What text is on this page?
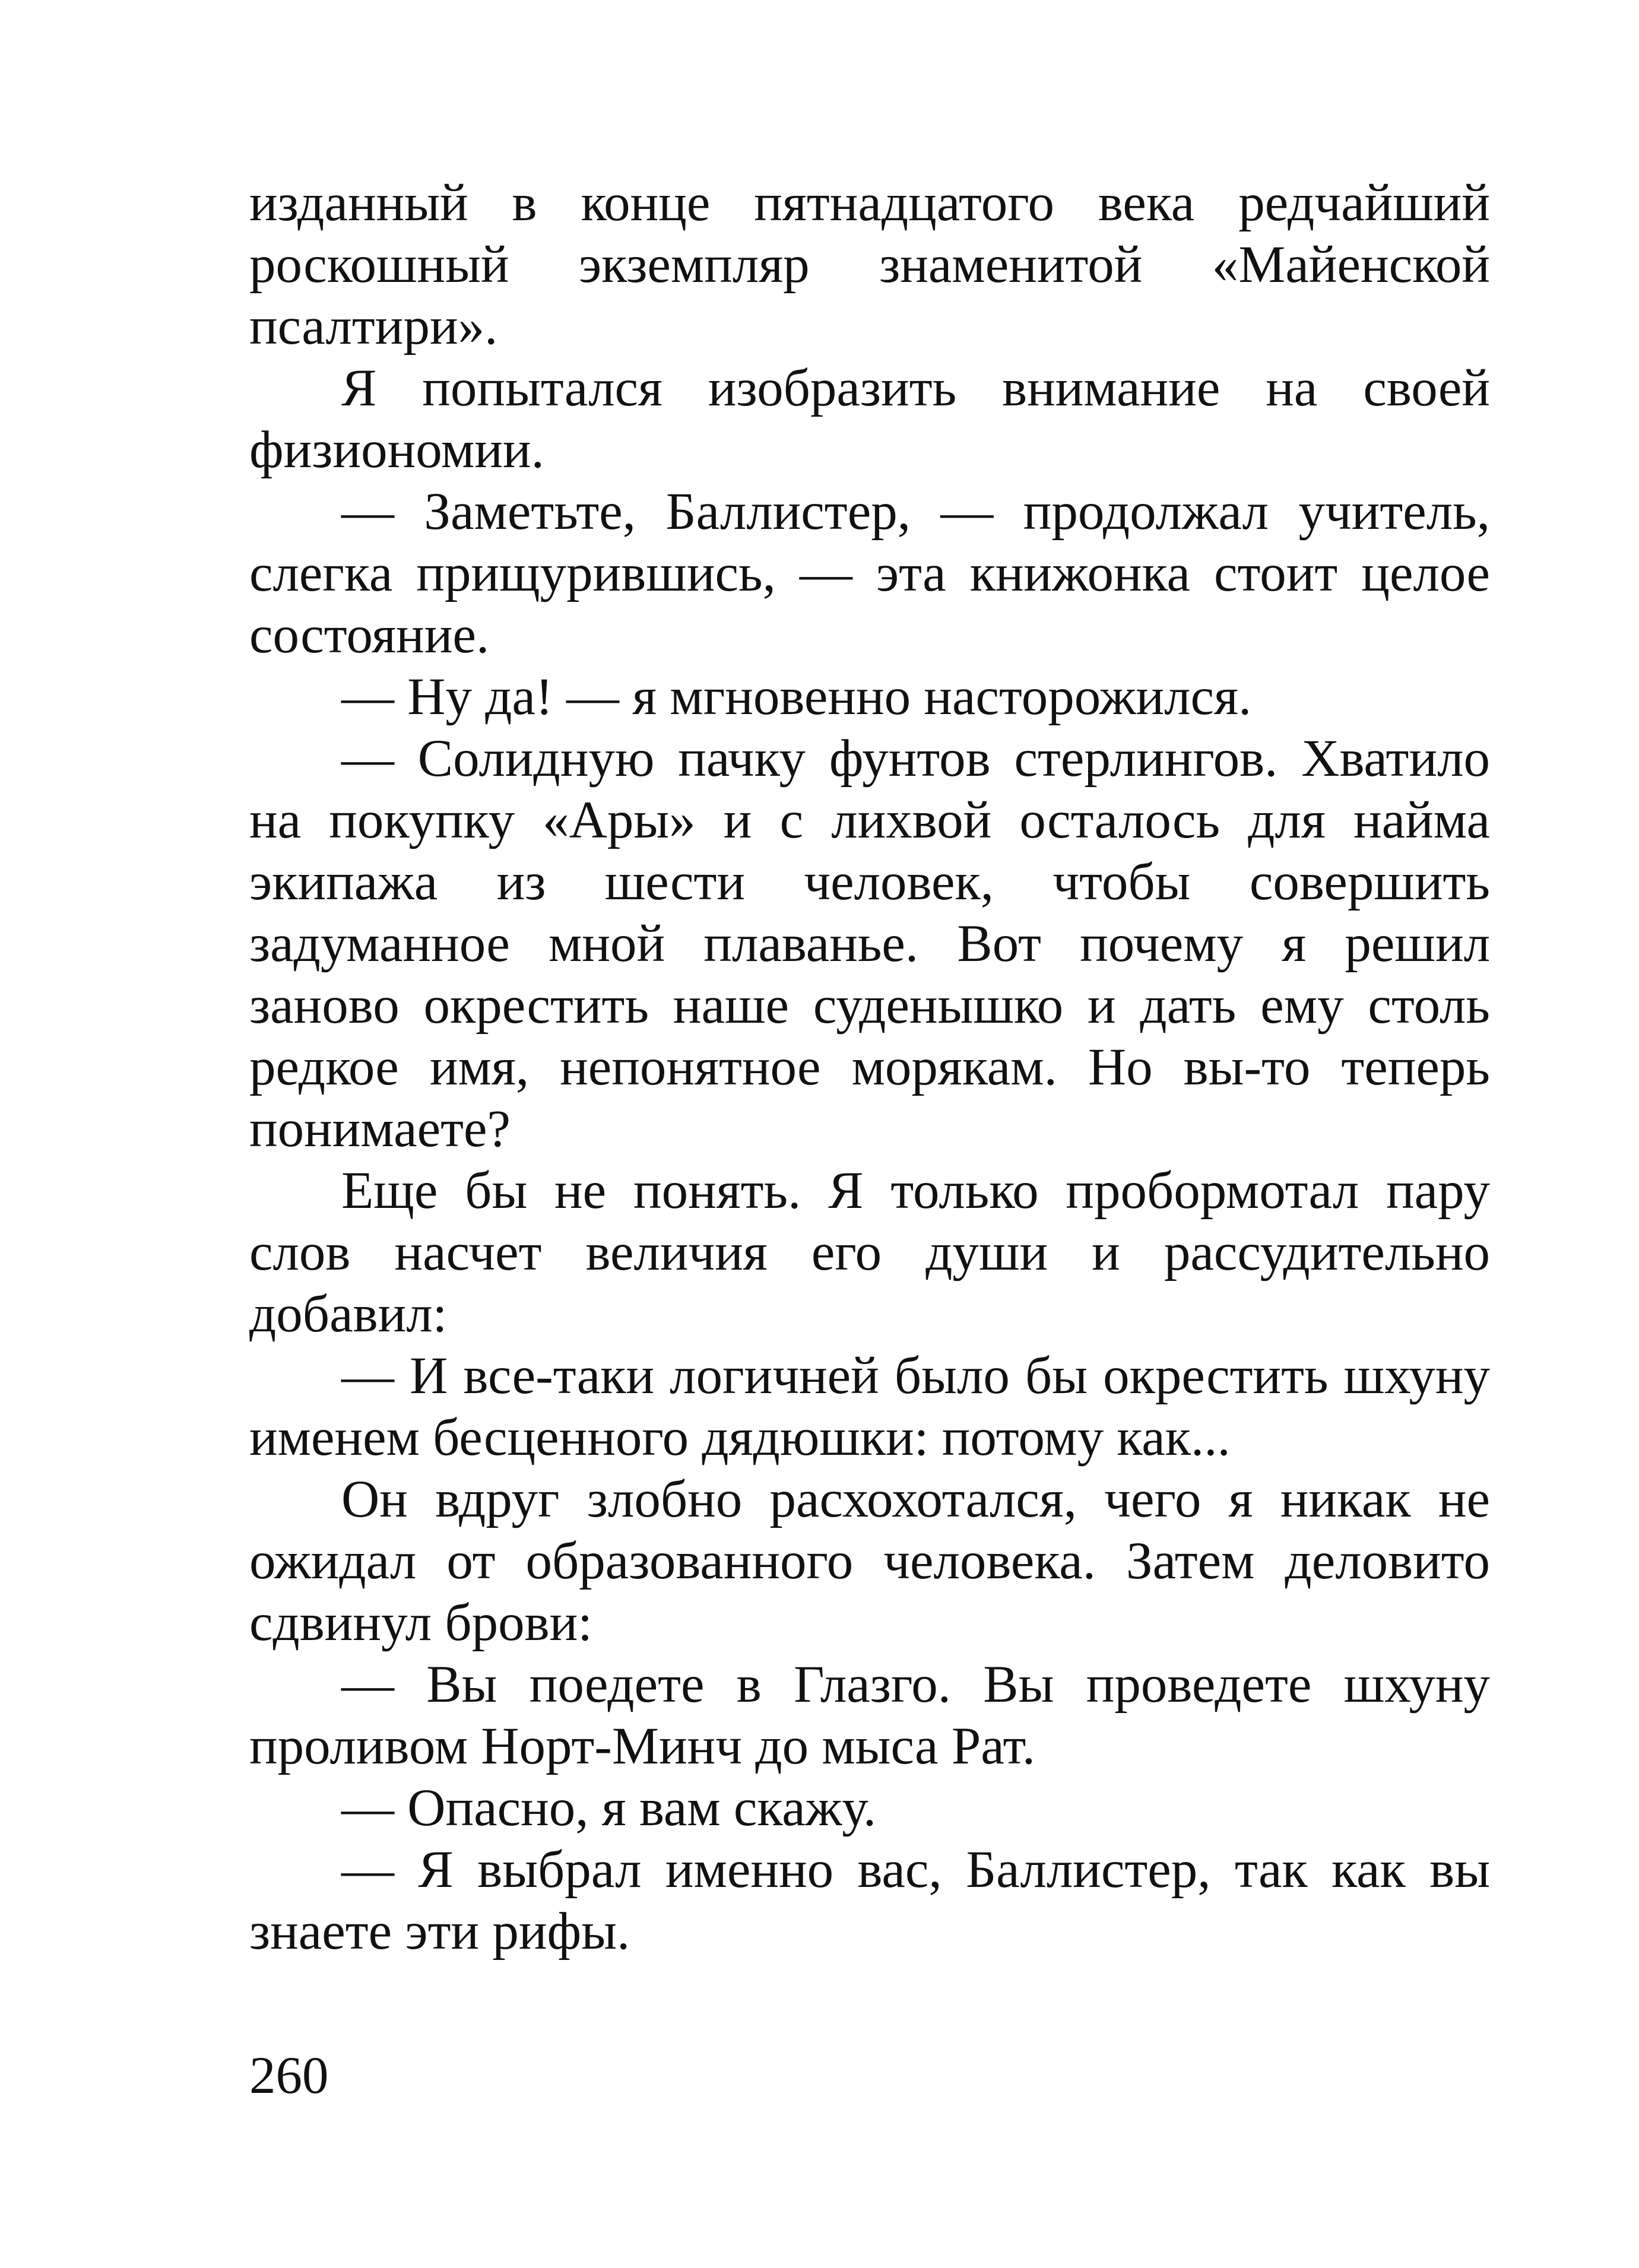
изданный в конце пятнадцатого века редчайший роскошный экземпляр знаменитой «Майенской псалтири».

Я попытался изобразить внимание на своей физиономии.

— Заметьте, Баллистер, — продолжал учитель, слегка прищурившись, — эта книжонка стоит целое состояние.

— Ну да! — я мгновенно насторожился.

— Солидную пачку фунтов стерлингов. Хватило на покупку «Ары» и с лихвой осталось для найма экипажа из шести человек, чтобы совершить задуманное мной плаванье. Вот почему я решил заново окрестить наше суденышко и дать ему столь редкое имя, непонятное морякам. Но вы-то теперь понимаете?

Еще бы не понять. Я только пробормотал пару слов насчет величия его души и рассудительно добавил:

— И все-таки логичней было бы окрестить шхуну именем бесценного дядюшки: потому как...

Он вдруг злобно расхохотался, чего я никак не ожидал от образованного человека. Затем деловито сдвинул брови:

— Вы поедете в Глазго. Вы проведете шхуну проливом Норт-Минч до мыса Рат.

— Опасно, я вам скажу.

— Я выбрал именно вас, Баллистер, так как вы знаете эти рифы.

260
